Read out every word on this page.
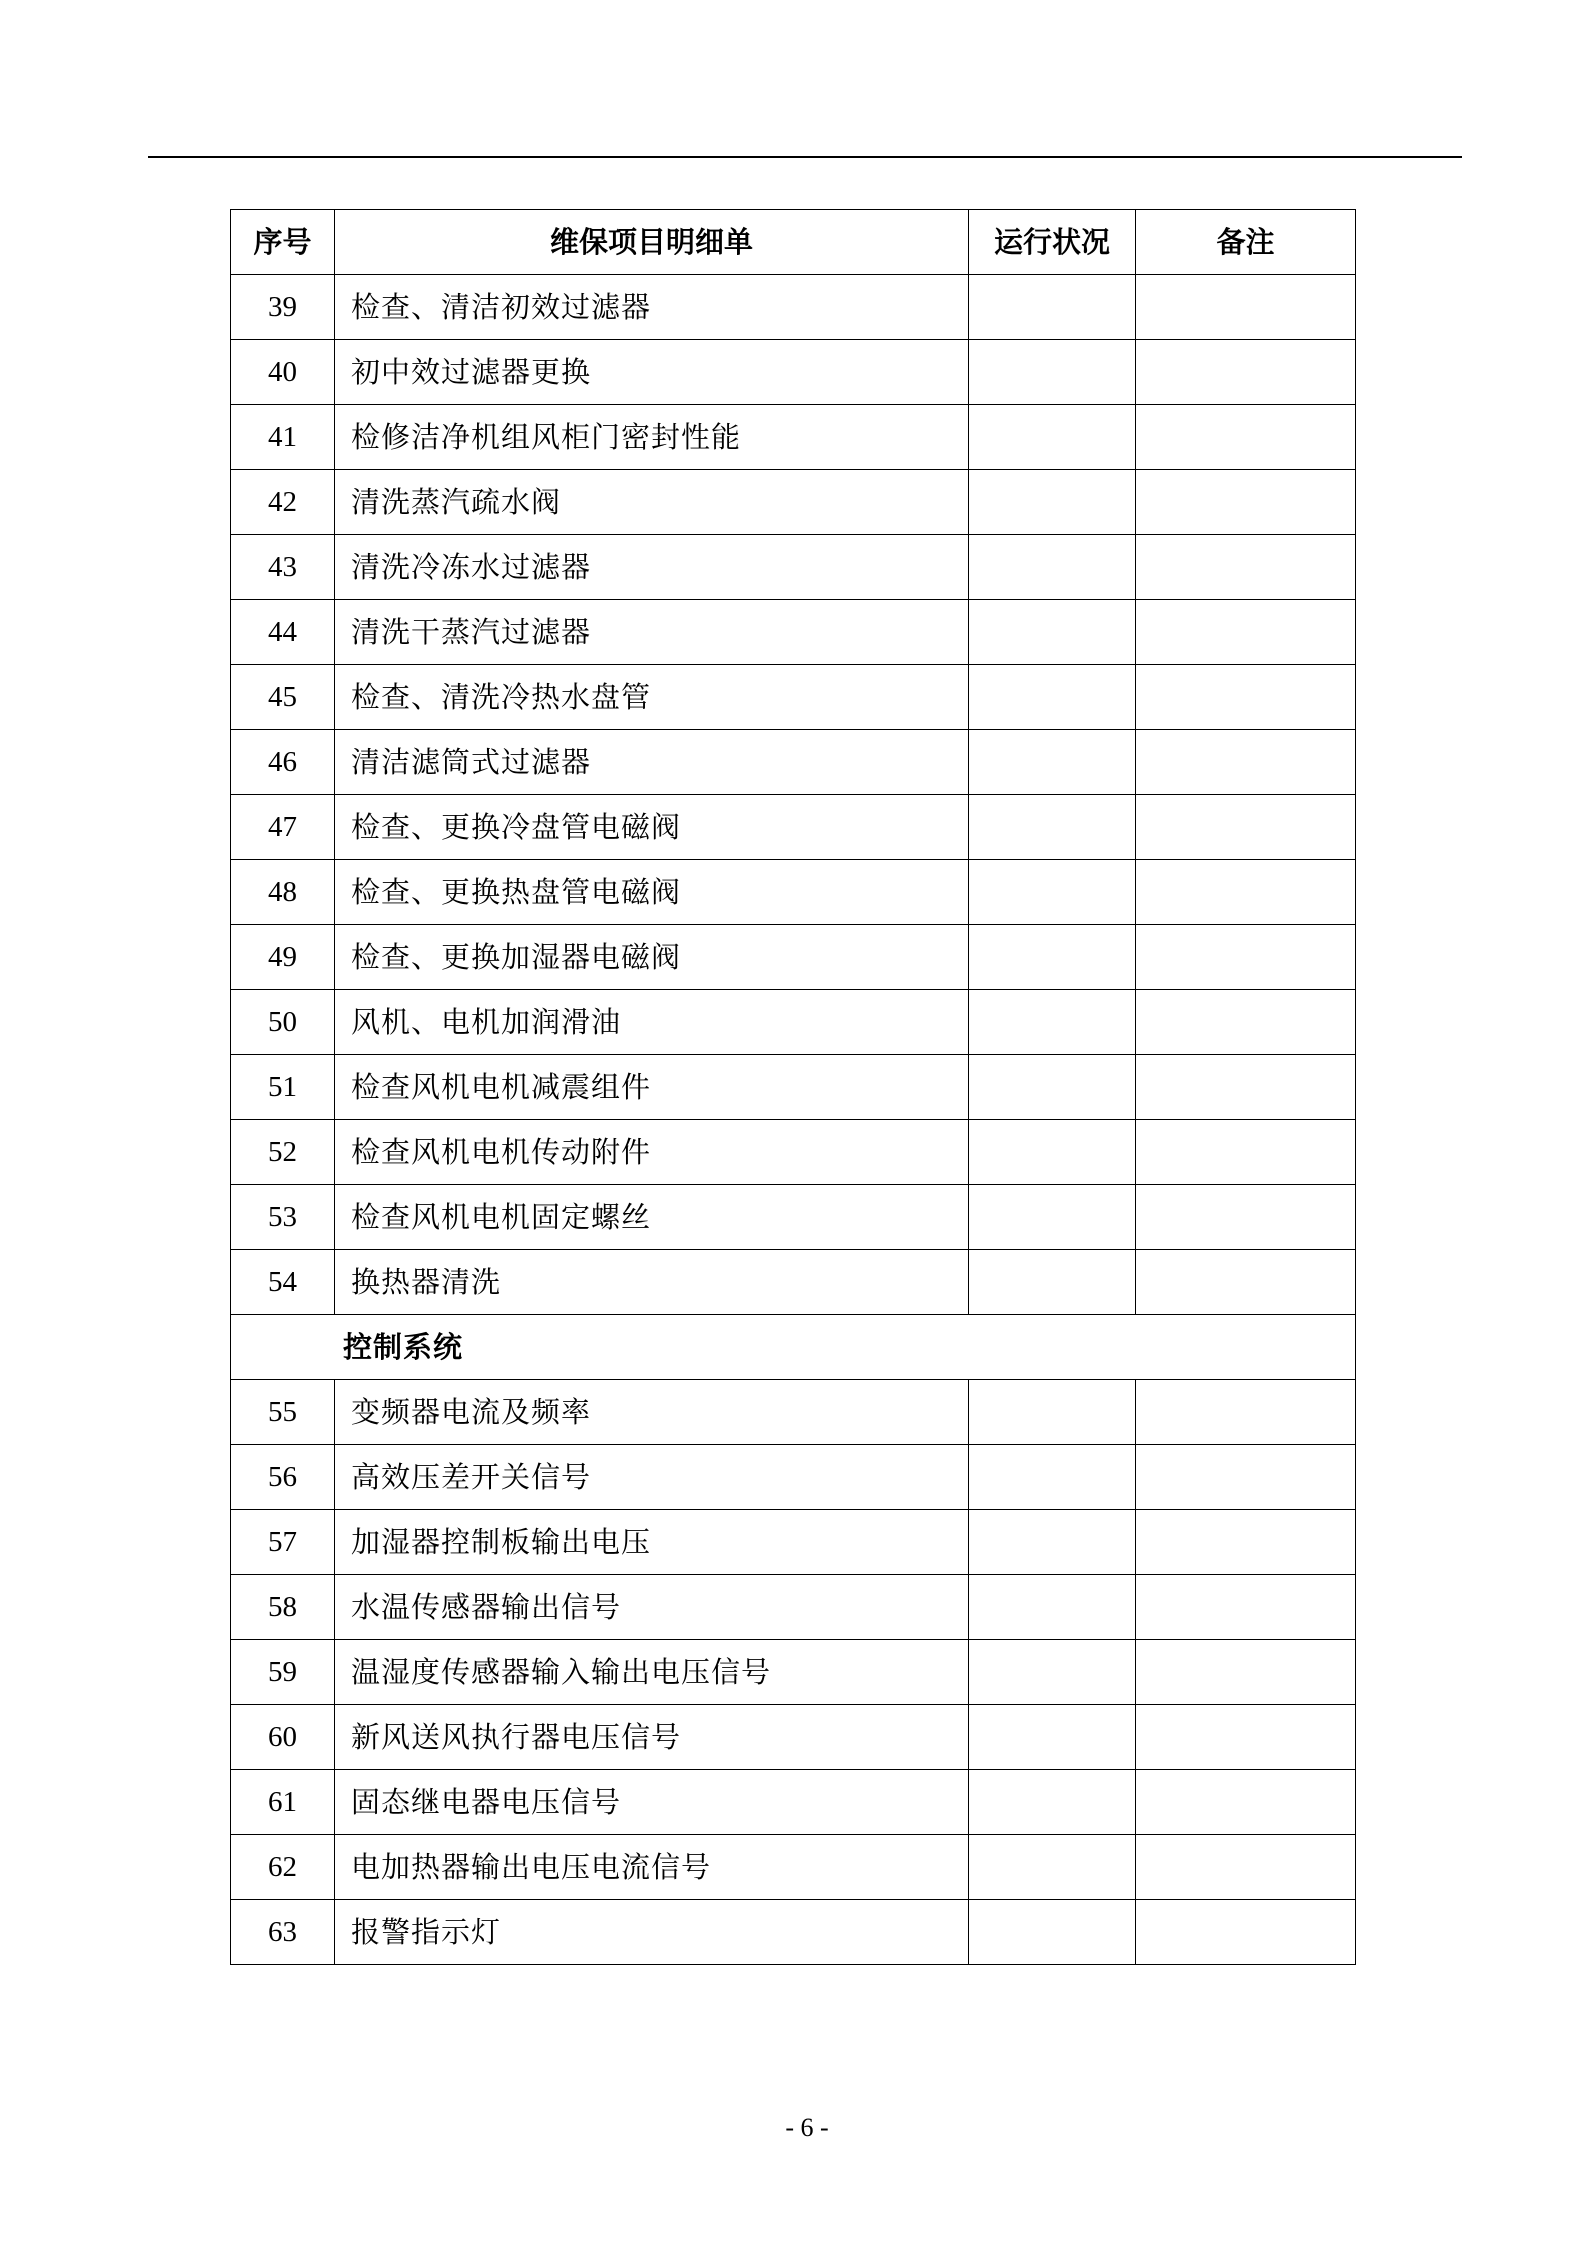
序号	维保项目明细单	运行状况	备注
39	检查、清洁初效过滤器		
40	初中效过滤器更换		
41	检修洁净机组风柜门密封性能		
42	清洗蒸汽疏水阀		
43	清洗冷冻水过滤器		
44	清洗干蒸汽过滤器		
45	检查、清洗冷热水盘管		
46	清洁滤筒式过滤器		
47	检查、更换冷盘管电磁阀		
48	检查、更换热盘管电磁阀		
49	检查、更换加湿器电磁阀		
50	风机、电机加润滑油		
51	检查风机电机减震组件		
52	检查风机电机传动附件		
53	检查风机电机固定螺丝		
54	换热器清洗		
控制系统			
55	变频器电流及频率		
56	高效压差开关信号		
57	加湿器控制板输出电压		
58	水温传感器输出信号		
59	温湿度传感器输入输出电压信号		
60	新风送风执行器电压信号		
61	固态继电器电压信号		
62	电加热器输出电压电流信号		
63	报警指示灯		
- 6 -
